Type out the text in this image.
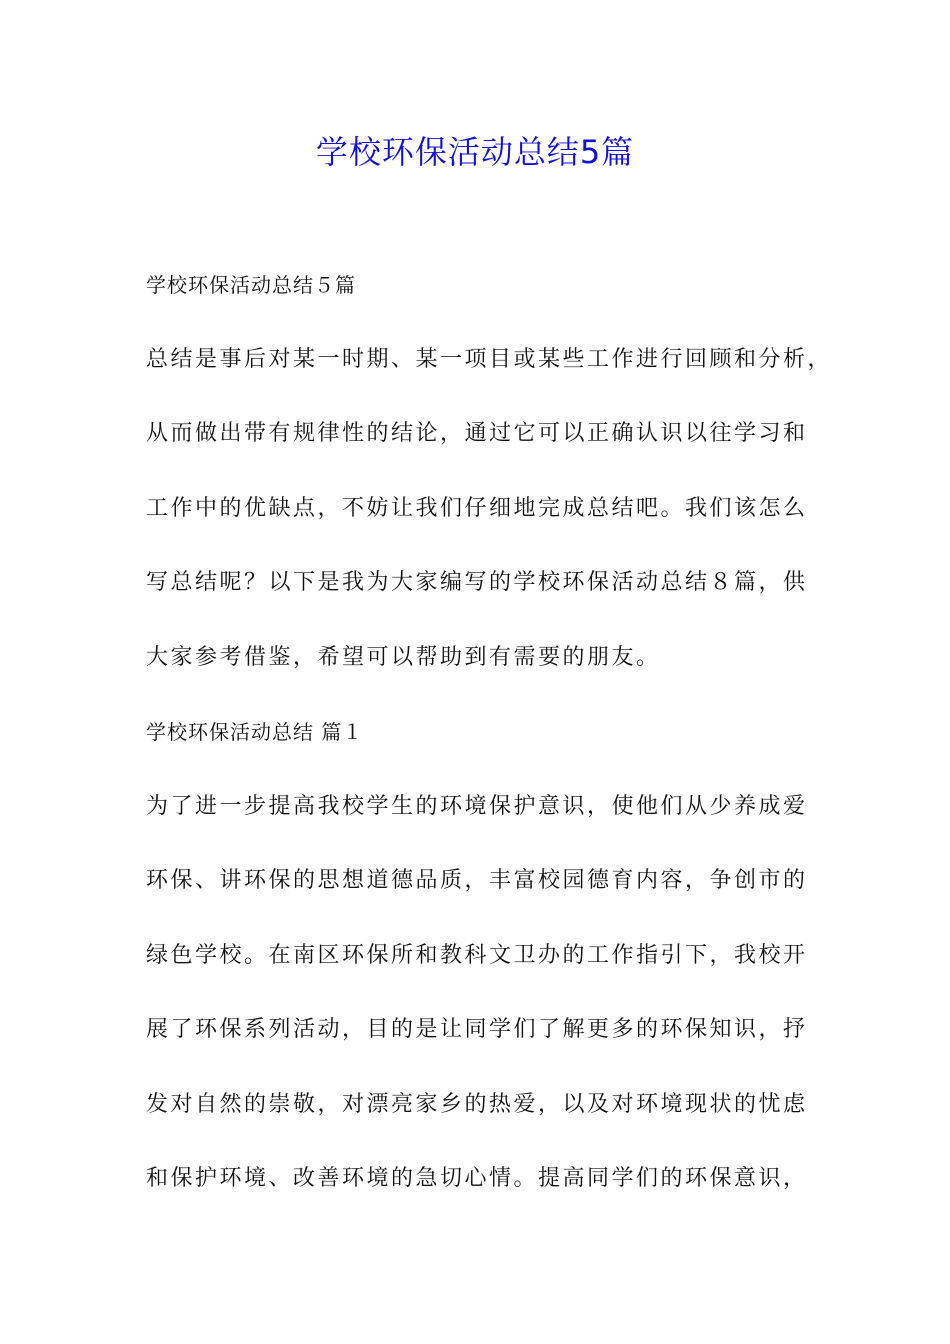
学校环保活动总结5篇
学校环保活动总结５篇
总结是事后对某一时期、某一项目或某些工作进行回顾和分析，
从而做出带有规律性的结论，通过它可以正确认识以往学习和
工作中的优缺点，不妨让我们仔细地完成总结吧。我们该怎么
写总结呢？以下是我为大家编写的学校环保活动总结８篇，供
大家参考借鉴，希望可以帮助到有需要的朋友。
学校环保活动总结 篇１
为了进一步提高我校学生的环境保护意识，使他们从少养成爱
环保、讲环保的思想道德品质，丰富校园德育内容，争创市的
绿色学校。在南区环保所和教科文卫办的工作指引下，我校开
展了环保系列活动，目的是让同学们了解更多的环保知识，抒
发对自然的崇敬，对漂亮家乡的热爱，以及对环境现状的忧虑
和保护环境、改善环境的急切心情。提高同学们的环保意识，
